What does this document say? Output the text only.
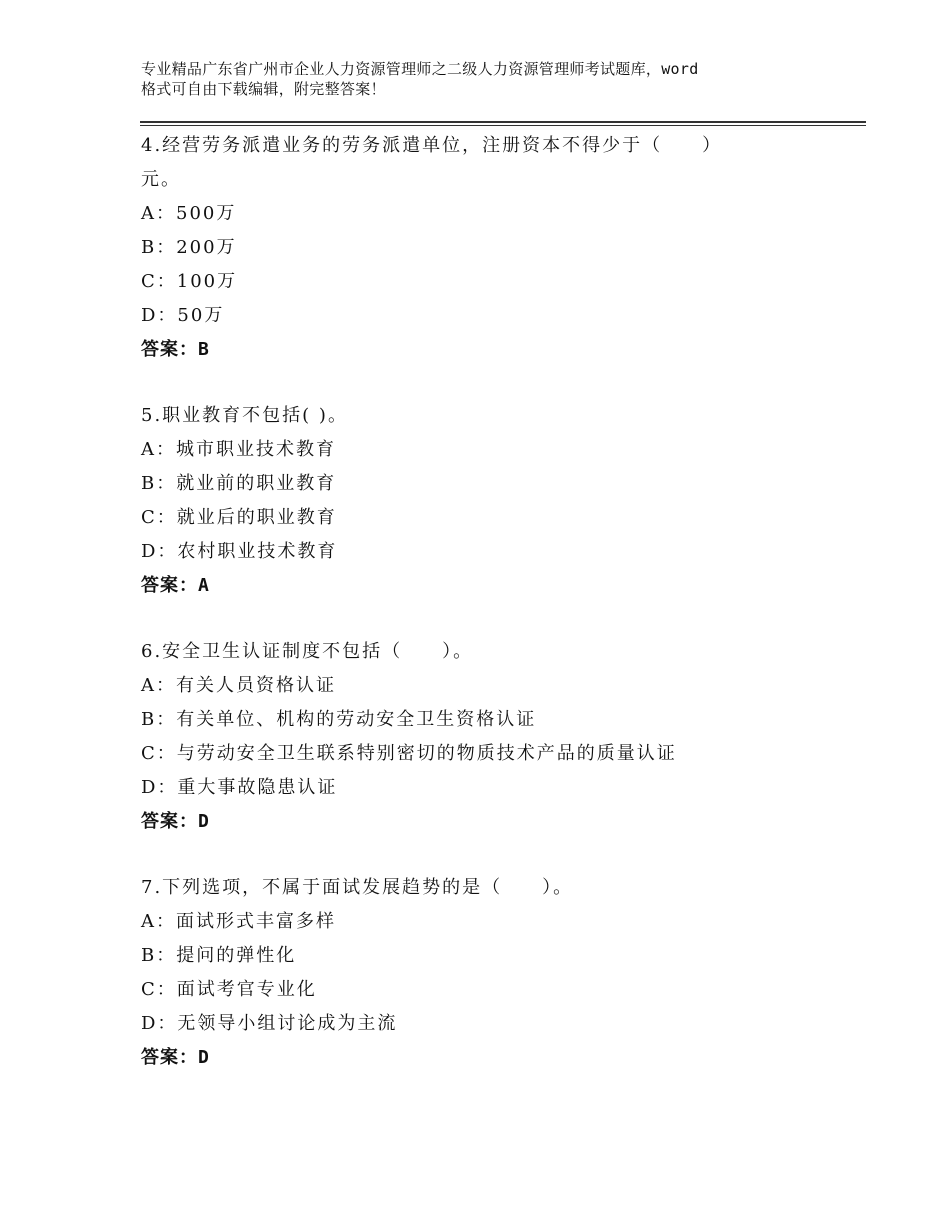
专业精品广东省广州市企业人力资源管理师之二级人力资源管理师考试题库，word
格式可自由下载编辑，附完整答案！
4.经营劳务派遣业务的劳务派遣单位，注册资本不得少于（　　）
元。
A：500万
B：200万
C：100万
D：50万
答案：B
5.职业教育不包括( )。
A：城市职业技术教育
B：就业前的职业教育
C：就业后的职业教育
D：农村职业技术教育
答案：A
6.安全卫生认证制度不包括（　　）。
A：有关人员资格认证
B：有关单位、机构的劳动安全卫生资格认证
C：与劳动安全卫生联系特别密切的物质技术产品的质量认证
D：重大事故隐患认证
答案：D
7.下列选项，不属于面试发展趋势的是（　　）。
A：面试形式丰富多样
B：提问的弹性化
C：面试考官专业化
D：无领导小组讨论成为主流
答案：D
